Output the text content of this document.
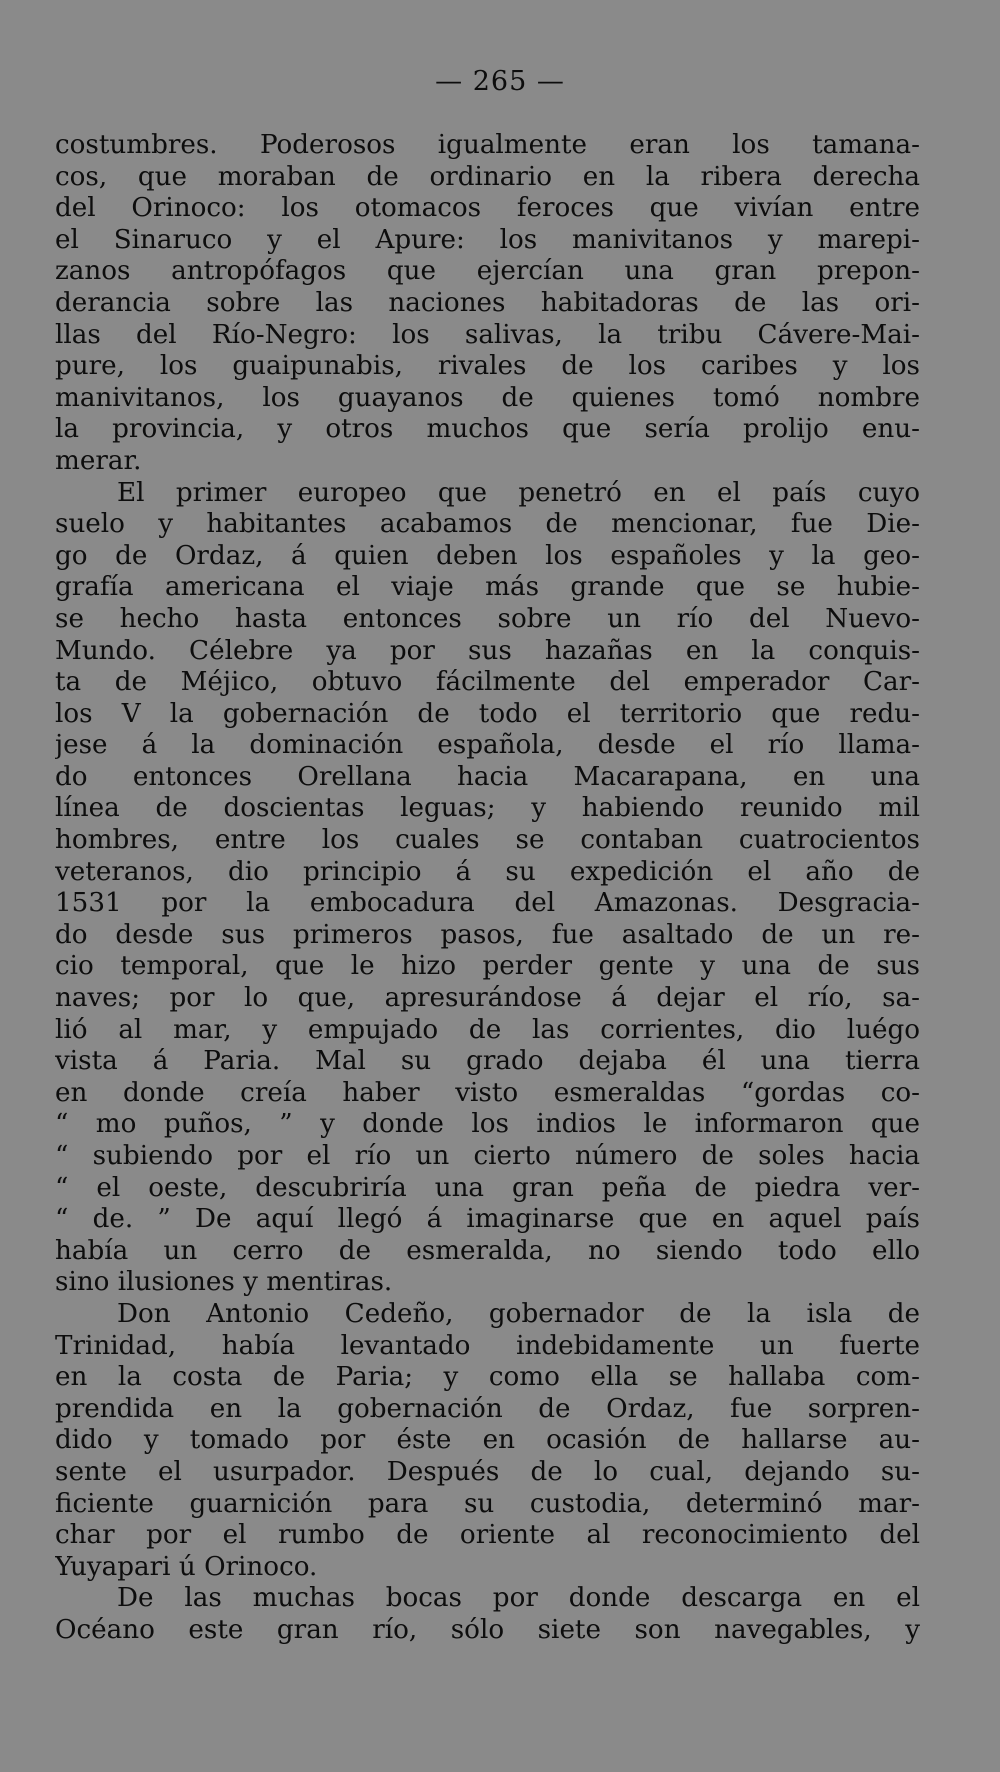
— 265 —
costumbres. Poderosos igualmente eran los tamana-
cos, que moraban de ordinario en la ribera derecha
del Orinoco: los otomacos feroces que vivían entre
el Sinaruco y el Apure: los manivitanos y marepi-
zanos antropófagos que ejercían una gran prepon-
derancia sobre las naciones habitadoras de las ori-
llas del Río-Negro: los salivas, la tribu Cávere-Mai-
pure, los guaipunabis, rivales de los caribes y los
manivitanos, los guayanos de quienes tomó nombre
la provincia, y otros muchos que sería prolijo enu-
merar.
El primer europeo que penetró en el país cuyo
suelo y habitantes acabamos de mencionar, fue Die-
go de Ordaz, á quien deben los españoles y la geo-
grafía americana el viaje más grande que se hubie-
se hecho hasta entonces sobre un río del Nuevo-
Mundo. Célebre ya por sus hazañas en la conquis-
ta de Méjico, obtuvo fácilmente del emperador Car-
los V la gobernación de todo el territorio que redu-
jese á la dominación española, desde el río llama-
do entonces Orellana hacia Macarapana, en una
línea de doscientas leguas; y habiendo reunido mil
hombres, entre los cuales se contaban cuatrocientos
veteranos, dio principio á su expedición el año de
1531 por la embocadura del Amazonas. Desgracia-
do desde sus primeros pasos, fue asaltado de un re-
cio temporal, que le hizo perder gente y una de sus
naves; por lo que, apresurándose á dejar el río, sa-
lió al mar, y empujado de las corrientes, dio luégo
vista á Paria. Mal su grado dejaba él una tierra
en donde creía haber visto esmeraldas “gordas co-
“ mo puños, ” y donde los indios le informaron que
“ subiendo por el río un cierto número de soles hacia
“ el oeste, descubriría una gran peña de piedra ver-
“ de. ” De aquí llegó á imaginarse que en aquel país
había un cerro de esmeralda, no siendo todo ello
sino ilusiones y mentiras.
Don Antonio Cedeño, gobernador de la isla de
Trinidad, había levantado indebidamente un fuerte
en la costa de Paria; y como ella se hallaba com-
prendida en la gobernación de Ordaz, fue sorpren-
dido y tomado por éste en ocasión de hallarse au-
sente el usurpador. Después de lo cual, dejando su-
ficiente guarnición para su custodia, determinó mar-
char por el rumbo de oriente al reconocimiento del
Yuyapari ú Orinoco.
De las muchas bocas por donde descarga en el
Océano este gran río, sólo siete son navegables, y
